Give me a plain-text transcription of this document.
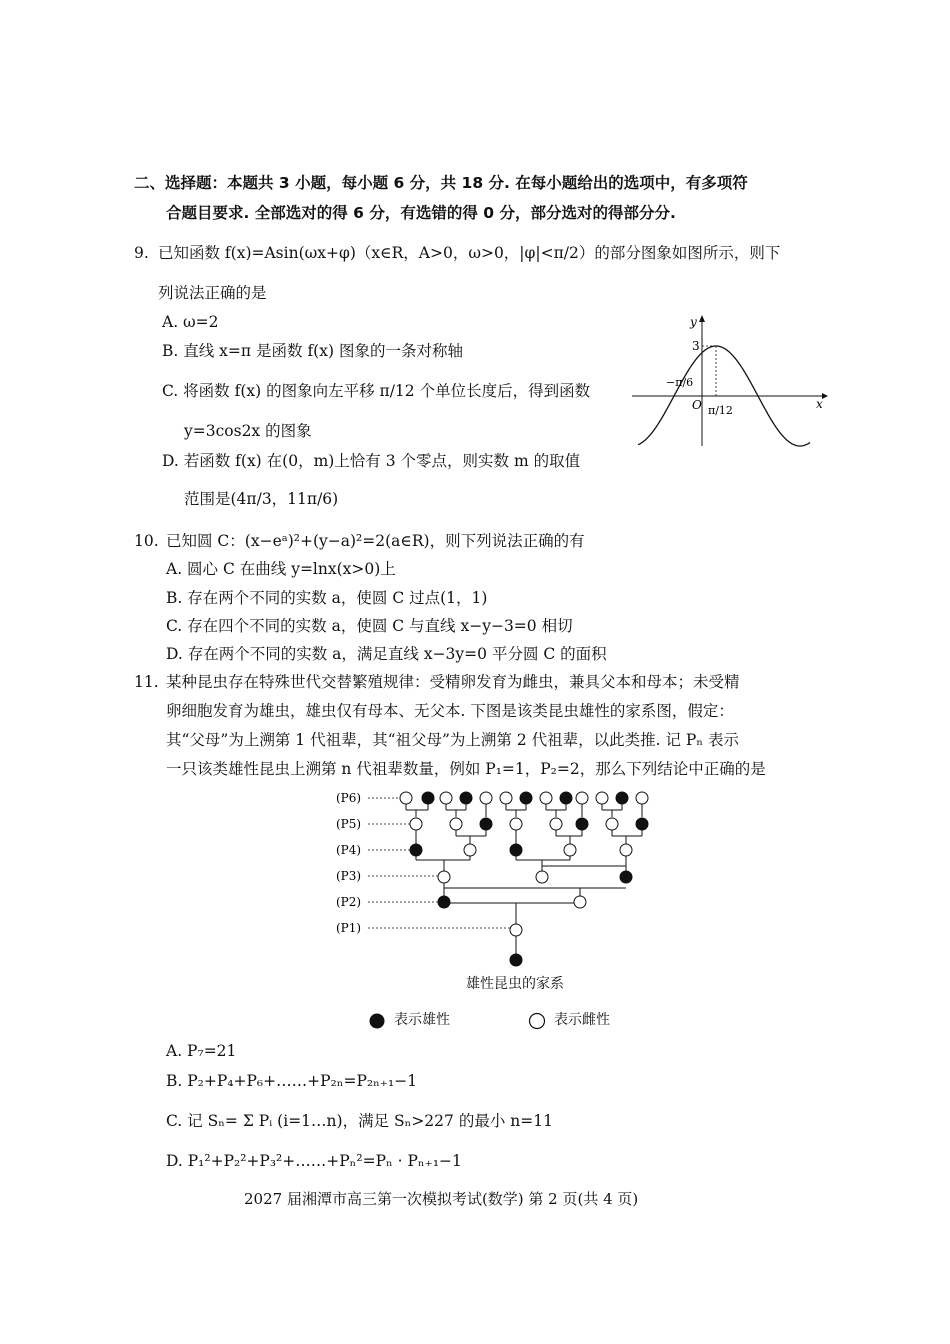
二、选择题：本题共 3 小题，每小题 6 分，共 18 分. 在每小题给出的选项中，有多项符
合题目要求. 全部选对的得 6 分，有选错的得 0 分，部分选对的得部分分.
9. 已知函数 f(x)=Asin(ωx+φ)（x∈R，A>0，ω>0，|φ|<π/2）的部分图象如图所示，则下
列说法正确的是
A. ω=2
B. 直线 x=π 是函数 f(x) 图象的一条对称轴
C. 将函数 f(x) 的图象向左平移 π/12 个单位长度后，得到函数
y=3cos2x 的图象
D. 若函数 f(x) 在(0，m)上恰有 3 个零点，则实数 m 的取值
范围是(4π/3，11π/6)
y
x
O
3
−π/6
π/12
10. 已知圆 C：(x−eᵃ)²+(y−a)²=2(a∈R)，则下列说法正确的有
A. 圆心 C 在曲线 y=lnx(x>0)上
B. 存在两个不同的实数 a，使圆 C 过点(1，1)
C. 存在四个不同的实数 a，使圆 C 与直线 x−y−3=0 相切
D. 存在两个不同的实数 a，满足直线 x−3y=0 平分圆 C 的面积
11. 某种昆虫存在特殊世代交替繁殖规律：受精卵发育为雌虫，兼具父本和母本；未受精
卵细胞发育为雄虫，雄虫仅有母本、无父本. 下图是该类昆虫雄性的家系图，假定：
其“父母”为上溯第 1 代祖辈，其“祖父母”为上溯第 2 代祖辈，以此类推. 记 Pₙ 表示
一只该类雄性昆虫上溯第 n 代祖辈数量，例如 P₁=1，P₂=2，那么下列结论中正确的是
(P6)
(P5)
(P4)
(P3)
(P2)
(P1)
雄性昆虫的家系
表示雄性	表示雌性
A. P₇=21
B. P₂+P₄+P₆+……+P₂ₙ=P₂ₙ₊₁−1
C. 记 Sₙ= Σ Pᵢ (i=1…n)，满足 Sₙ>227 的最小 n=11
D. P₁²+P₂²+P₃²+……+Pₙ²=Pₙ · Pₙ₊₁−1
2027 届湘潭市高三第一次模拟考试(数学) 第 2 页(共 4 页)
